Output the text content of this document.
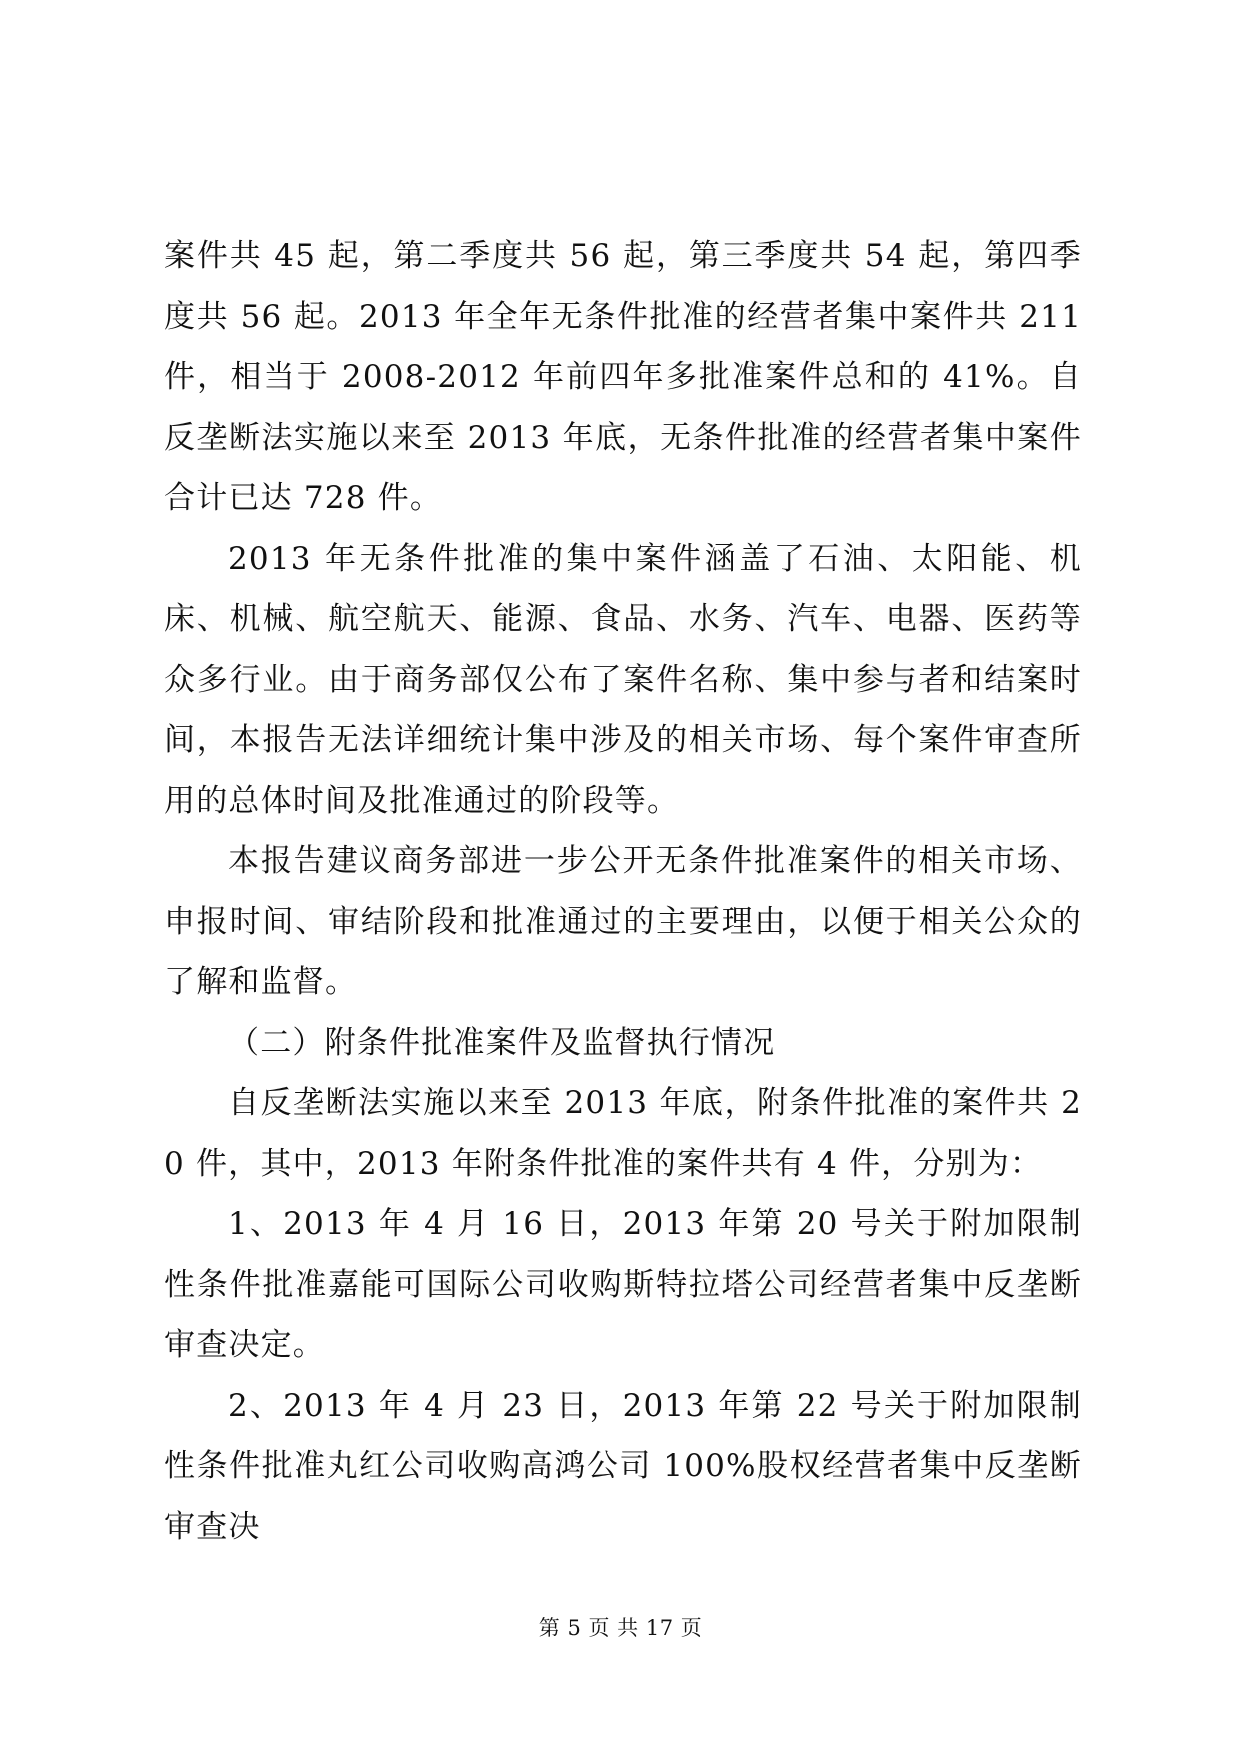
案件共 45 起，第二季度共 56 起，第三季度共 54 起，第四季度共 56 起。2013 年全年无条件批准的经营者集中案件共 211 件，相当于 2008-2012 年前四年多批准案件总和的 41%。自反垄断法实施以来至 2013 年底，无条件批准的经营者集中案件合计已达 728 件。

2013 年无条件批准的集中案件涵盖了石油、太阳能、机床、机械、航空航天、能源、食品、水务、汽车、电器、医药等众多行业。由于商务部仅公布了案件名称、集中参与者和结案时间，本报告无法详细统计集中涉及的相关市场、每个案件审查所用的总体时间及批准通过的阶段等。

本报告建议商务部进一步公开无条件批准案件的相关市场、申报时间、审结阶段和批准通过的主要理由，以便于相关公众的了解和监督。

（二）附条件批准案件及监督执行情况

自反垄断法实施以来至 2013 年底，附条件批准的案件共 20 件，其中，2013 年附条件批准的案件共有 4 件，分别为：

1、2013 年 4 月 16 日，2013 年第 20 号关于附加限制性条件批准嘉能可国际公司收购斯特拉塔公司经营者集中反垄断审查决定。

2、2013 年 4 月 23 日，2013 年第 22 号关于附加限制性条件批准丸红公司收购高鸿公司 100%股权经营者集中反垄断审查决

第 5 页 共 17 页
